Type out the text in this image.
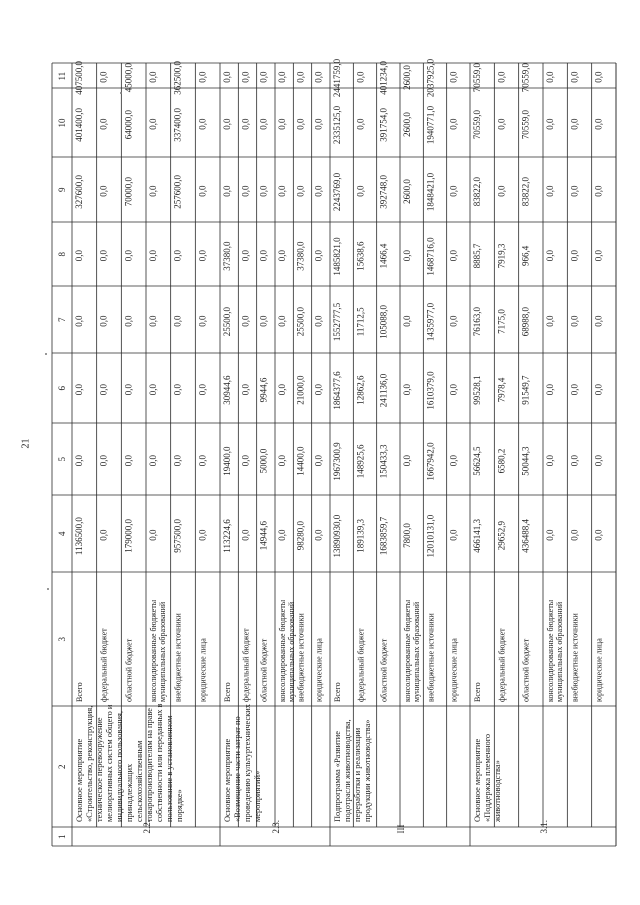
21
1
2
3
4
5
6
7
8
9
10
11
2.2.
Основное мероприятие «Строительство, реконструкция, техническое перевооружение мелиоративных систем общего и индивидуального пользования, принадлежащих сельскохозяйственным товаропроизводителям на праве собственности или переданных в пользование в установленном порядке»
Всего
1136500,0
0,0
0,0
0,0
0,0
327600,0
401400,0
407500,0
федеральный бюджет
0,0
0,0
0,0
0,0
0,0
0,0
0,0
0,0
областной бюджет
179000,0
0,0
0,0
0,0
0,0
70000,0
64000,0
45000,0
консолидированные бюджеты муниципальных образований
0,0
0,0
0,0
0,0
0,0
0,0
0,0
0,0
внебюджетные источники
957500,0
0,0
0,0
0,0
0,0
257600,0
337400,0
362500,0
юридические лица
0,0
0,0
0,0
0,0
0,0
0,0
0,0
0,0
2.3.
Основное мероприятие «Возмещение части затрат по проведению культуртехнических мероприятий»
Всего
113224,6
19400,0
30944,6
25500,0
37380,0
0,0
0,0
0,0
федеральный бюджет
0,0
0,0
0,0
0,0
0,0
0,0
0,0
0,0
областной бюджет
14944,6
5000,0
9944,6
0,0
0,0
0,0
0,0
0,0
консолидированные бюджеты муниципальных образований
0,0
0,0
0,0
0,0
0,0
0,0
0,0
0,0
внебюджетные источники
98280,0
14400,0
21000,0
25500,0
37380,0
0,0
0,0
0,0
юридические лица
0,0
0,0
0,0
0,0
0,0
0,0
0,0
0,0
III
Подпрограмма «Развитие подотрасли животноводства, переработки и реализации продукции животноводства»
Всего
13890930,0
1967300,9
1864377,6
1552777,5
1485821,0
2243769,0
2335125,0
2441759,0
федеральный бюджет
189139,3
148925,6
12862,6
11712,5
15638,6
0,0
0,0
0,0
областной бюджет
1683859,7
150433,3
241136,0
105088,0
1466,4
392748,0
391754,0
401234,0
консолидированные бюджеты муниципальных образований
7800,0
0,0
0,0
0,0
0,0
2600,0
2600,0
2600,0
внебюджетные источники
12010131,0
1667942,0
1610379,0
1435977,0
1468716,0
1848421,0
1940771,0
2037925,0
юридические лица
0,0
0,0
0,0
0,0
0,0
0,0
0,0
0,0
3.1.
Основное мероприятие «Поддержка племенного животноводства»
Всего
466141,3
56624,5
99528,1
76163,0
8885,7
83822,0
70559,0
70559,0
федеральный бюджет
29652,9
6580,2
7978,4
7175,0
7919,3
0,0
0,0
0,0
областной бюджет
436488,4
50044,3
91549,7
68988,0
966,4
83822,0
70559,0
70559,0
консолидированные бюджеты муниципальных образований
0,0
0,0
0,0
0,0
0,0
0,0
0,0
0,0
внебюджетные источники
0,0
0,0
0,0
0,0
0,0
0,0
0,0
0,0
юридические лица
0,0
0,0
0,0
0,0
0,0
0,0
0,0
0,0
